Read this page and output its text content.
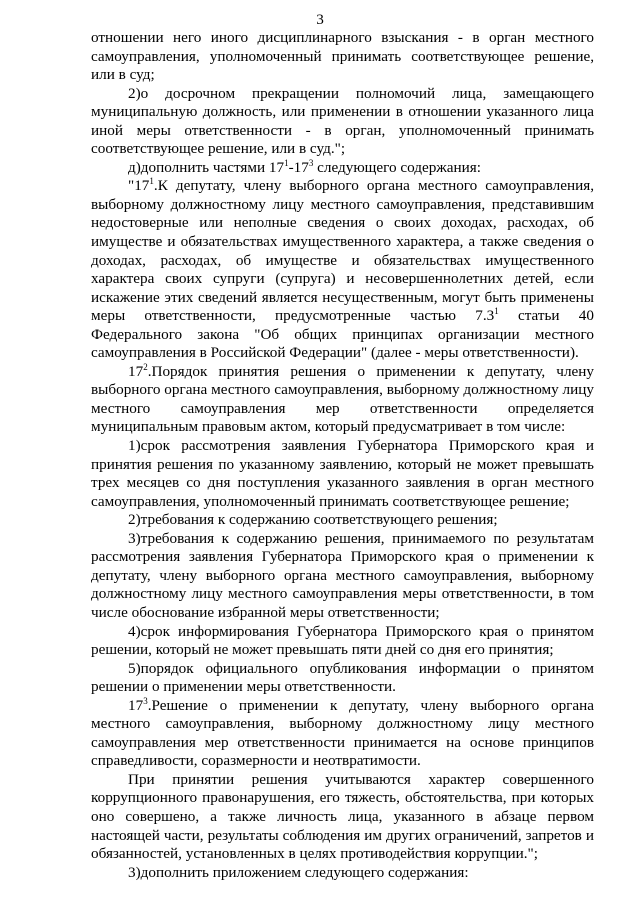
3

отношении него иного дисциплинарного взыскания - в орган местного самоуправления, уполномоченный принимать соответствующее решение, или в суд;

2)о досрочном прекращении полномочий лица, замещающего муниципальную должность, или применении в отношении указанного лица иной меры ответственности - в орган, уполномоченный принимать соответствующее решение, или в суд.";

д)дополнить частями $17^1-17^3$ следующего содержания:

"$17^1.К$ депутату, члену выборного органа местного самоуправления, выборному должностному лицу местного самоуправления, представившим недостоверные или неполные сведения о своих доходах, расходах, об имуществе и обязательствах имущественного характера, а также сведения о доходах, расходах, об имуществе и обязательствах имущественного характера своих супруги (супруга) и несовершеннолетних детей, если искажение этих сведений является несущественным, могут быть применены меры ответственности, предусмотренные частью $7.3^1$ статьи 40 Федерального закона "Об общих принципах организации местного самоуправления в Российской Федерации" (далее - меры ответственности).

$17^2.Порядок$ принятия решения о применении к депутату, члену выборного органа местного самоуправления, выборному должностному лицу местного самоуправления мер ответственности определяется муниципальным правовым актом, который предусматривает в том числе:

1)срок рассмотрения заявления Губернатора Приморского края и принятия решения по указанному заявлению, который не может превышать трех месяцев со дня поступления указанного заявления в орган местного самоуправления, уполномоченный принимать соответствующее решение;

2)требования к содержанию соответствующего решения;

3)требования к содержанию решения, принимаемого по результатам рассмотрения заявления Губернатора Приморского края о применении к депутату, члену выборного органа местного самоуправления, выборному должностному лицу местного самоуправления меры ответственности, в том числе обоснование избранной меры ответственности;

4)срок информирования Губернатора Приморского края о принятом решении, который не может превышать пяти дней со дня его принятия;

5)порядок официального опубликования информации о принятом решении о применении меры ответственности.

$17^3.Решение$ о применении к депутату, члену выборного органа местного самоуправления, выборному должностному лицу местного самоуправления мер ответственности принимается на основе принципов справедливости, соразмерности и неотвратимости.

При принятии решения учитываются характер совершенного коррупционного правонарушения, его тяжесть, обстоятельства, при которых оно совершено, а также личность лица, указанного в абзаце первом настоящей части, результаты соблюдения им других ограничений, запретов и обязанностей, установленных в целях противодействия коррупции.";

3)дополнить приложением следующего содержания:
